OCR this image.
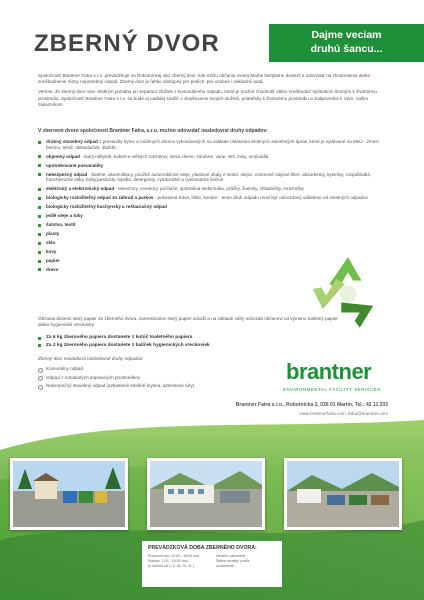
ZBERNÝ DVOR	Dajme veciam
druhú šancu...

Spoločnosť Brantner Fatra s.r.o. prevádzkuje na Robotníckej ulici zberný dvor, kde môžu občania mesta Martin bezplatne doviezť a odovzdať na zhodnotenie alebo zneškodnenie rôzny nepotrebný odpad. Zberný dvor je ľahko dostupný pre peších, pre osobné i nákladné autá.

Veríme, že zberný dvor nám všetkým pomáha pri separácii zložiek z komunálneho odpadu, ktoré je možné zhodnotiť alebo zneškodniť spôsobom šetrným k životnému prostrediu. Spoločnosť Brantner Fatra s.r.o. sa bude aj naďalej snažiť o zlepšovanie svojich služieb, priateľsky k životnému prostrediu a zodpovedne k Vám, našim zákazníkom.

V zbernom dvore spoločnosti Brantner Fatra, s.r.o. možno odovzdať nasledovné druhy odpadov:
drobný stavebný odpad z prestavby bytov a rodinných domov vykonávaných na základe ohlásenia drobných stavebných úprav, ktoré je vydávané na MsÚ - zmesi betónu, tehál, obkladačiek, dlaždíc
objemný odpad - starý nábytok, koberce veľkých rozmerov, okná, dvere, zárubne, vane, WC misy, umývadlá
opotrebované pneumatiky
nebezpečný odpad - batérie, akumulátory, použité automobilové oleje, plastové obaly z motor. olejov, motorové olejové filtre, absorbenty, kyseliny, rozpúšťadlá, fotochemické látky, farby,pesticídy, lepidlá, detergenty, cytotoxické a cytostatické liečivá
elektrický a elektronický odpad - televízory, monitory, počítače, spotrebná elektronika, práčky, žiarivky, chladničky, mrazničky
biologicky rozložiteľný odpad zo záhrad a parkov - pokosená tráva, lístie, konáre - tento druh odpadu musí byť odovzdaný oddelene od ostatných odpadov
biologicky rozložiteľný kuchynský a reštauračný odpad
jedlé oleje a tuky
šatstvo, textil
plasty
sklo
kovy
papier
drevo
Občania donesú starý papier do zberného dvora, zamestnanec starý papier odváži a na základe váhy odovzdá občanovi na výmenu toaletný papier alebo hygienické vreckovky:
Za 6 kg zberového papiera dostanete 1 kotúč toaletného papiera
Za 2 kg zberového papiera dostanete 1 balíček hygienických vreckoviek
Zberný dvor neodoberá nasledovné druhy odpadov:
Komunálny odpad
Odpad z rozobratých dopravných prostriedkov
Nebezpečný stavebný odpad (azbestové strešné krytina, azbestové rúry)
brantner
ENVIRONMENTAL FACILITY SERVICES
Brantner Fatra s.r.o., Robotnícka 2, 036 01 Martin, Tel.: 42 11 333
www.brantnerfatra.com, fatra@brantner.com
PREVÁDZKOVÁ DOBA ZBERNÉHO DVORA:
Pracovné dni: 10.00 - 18.00 hod.
Sobota: 7.00 - 15.00 hod.
(v období od 1. 2. do 15. 11.)
Nedeľa: zatvorené
Štátne sviatky: podľa
oznámenia
